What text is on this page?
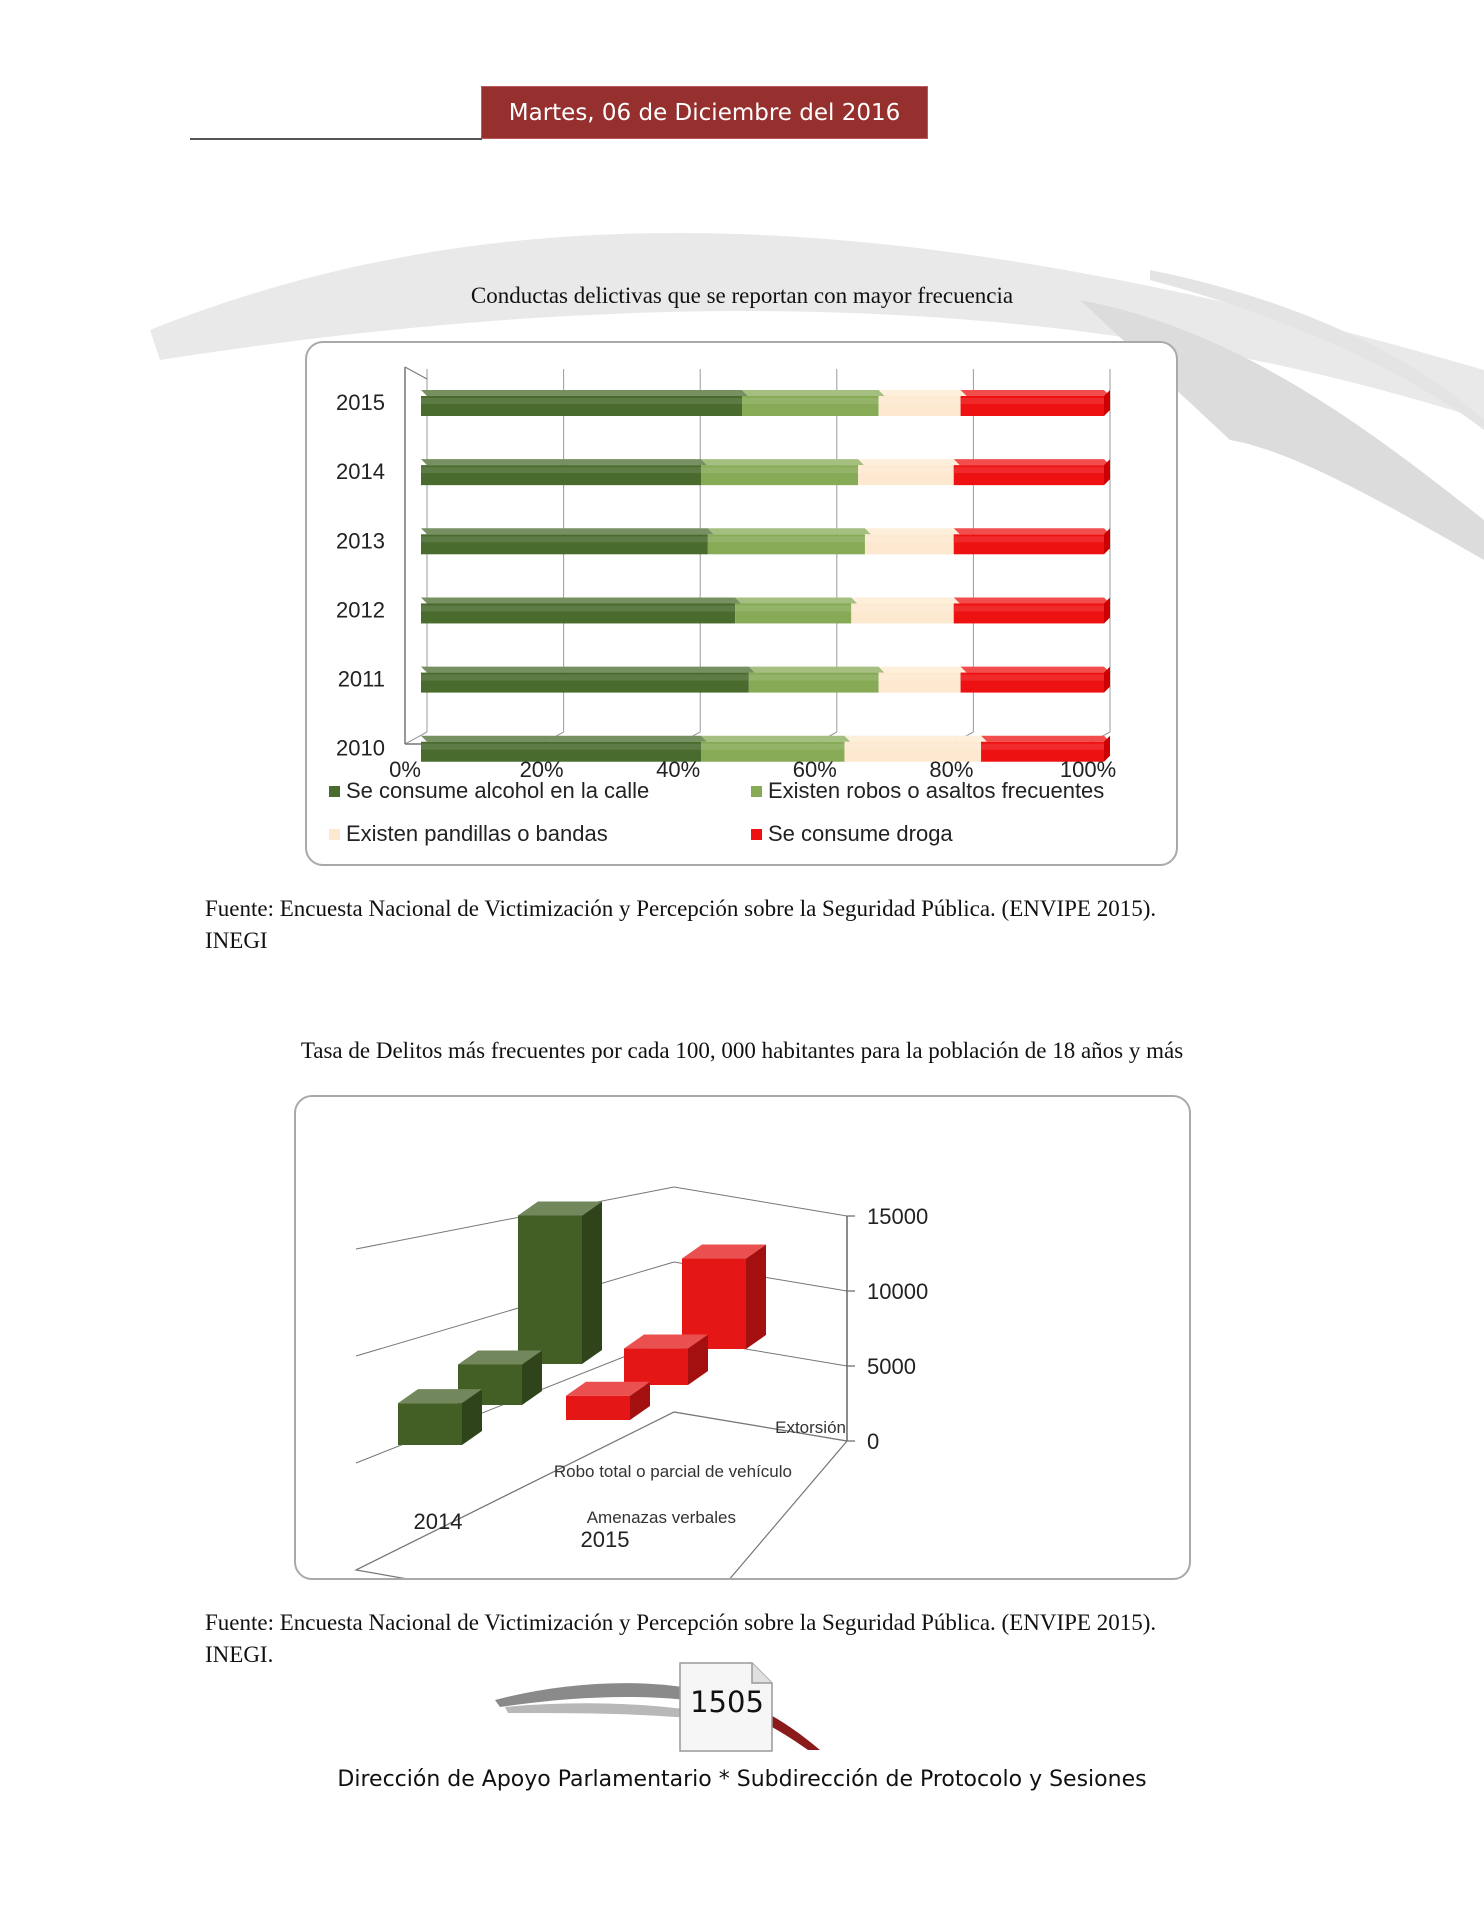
Martes, 06 de Diciembre del 2016
Conductas delictivas que se reportan con mayor frecuencia
2015
2014
2013
2012
2011
2010
0%	20%	40%	60%	80%	100%
Se consume alcohol en la calle	Existen robos o asaltos frecuentes
Existen pandillas o bandas	Se consume droga
Fuente: Encuesta Nacional de Victimización y Percepción sobre la Seguridad Pública. (ENVIPE 2015).
INEGI
Tasa de Delitos más frecuentes por cada 100, 000 habitantes para la población de 18 años y más
15000
10000
5000
0
Extorsión
Robo total o parcial de vehículo
Amenazas verbales
2014
2015
Fuente: Encuesta Nacional de Victimización y Percepción sobre la Seguridad Pública. (ENVIPE 2015).
INEGI.
1505
Dirección de Apoyo Parlamentario * Subdirección de Protocolo y Sesiones
